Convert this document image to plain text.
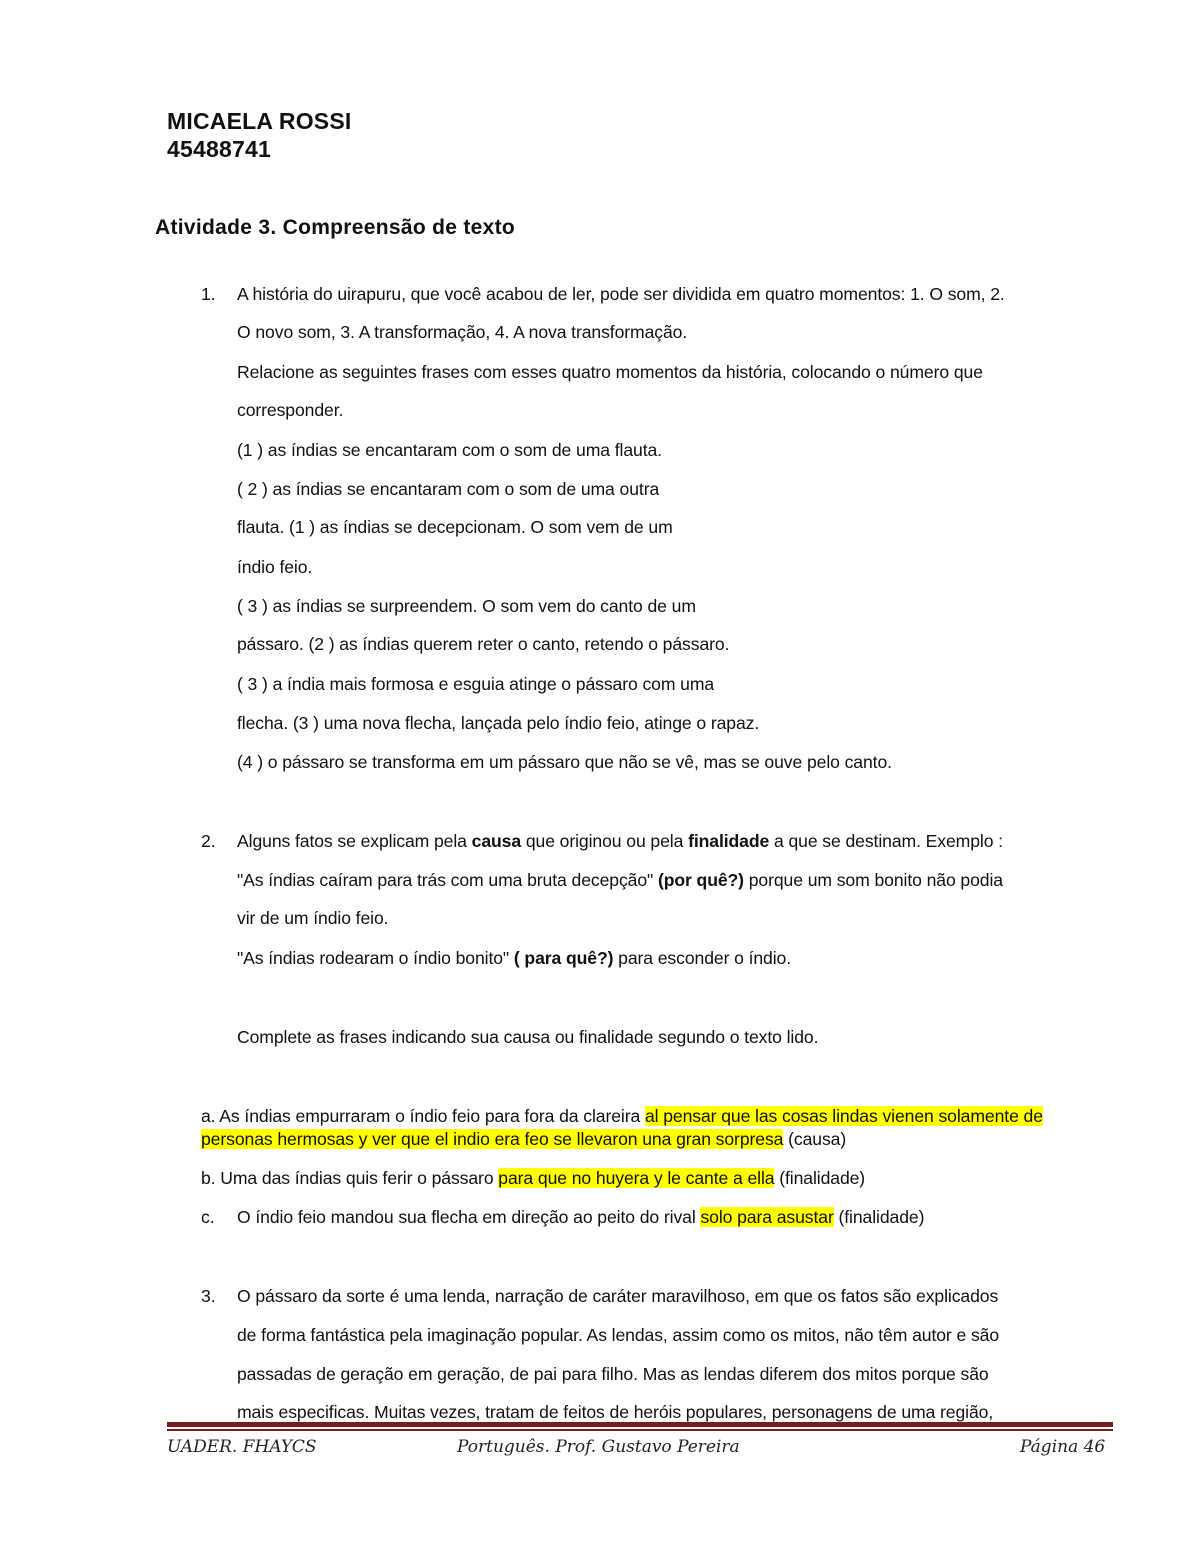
MICAELA ROSSI
45488741
Atividade 3. Compreensão de texto
1. A história do uirapuru, que você acabou de ler, pode ser dividida em quatro momentos: 1. O som, 2.
O novo som, 3. A transformação, 4. A nova transformação.
Relacione as seguintes frases com esses quatro momentos da história, colocando o número que
corresponder.
(1 ) as índias se encantaram com o som de uma flauta.
( 2 ) as índias se encantaram com o som de uma outra
flauta. (1 ) as índias se decepcionam. O som vem de um
índio feio.
( 3 ) as índias se surpreendem. O som vem do canto de um
pássaro. (2 ) as índias querem reter o canto, retendo o pássaro.
( 3 ) a índia mais formosa e esguia atinge o pássaro com uma
flecha. (3 ) uma nova flecha, lançada pelo índio feio, atinge o rapaz.
(4 ) o pássaro se transforma em um pássaro que não se vê, mas se ouve pelo canto.
2. Alguns fatos se explicam pela causa que originou ou pela finalidade a que se destinam. Exemplo :
"As índias caíram para trás com uma bruta decepção" (por quê?) porque um som bonito não podia
vir de um índio feio.
"As índias rodearam o índio bonito" ( para quê?) para esconder o índio.
Complete as frases indicando sua causa ou finalidade segundo o texto lido.
a. As índias empurraram o índio feio para fora da clareira al pensar que las cosas lindas vienen solamente de
personas hermosas y ver que el indio era feo se llevaron una gran sorpresa (causa)
b. Uma das índias quis ferir o pássaro para que no huyera y le cante a ella (finalidade)
c. O índio feio mandou sua flecha em direção ao peito do rival solo para asustar (finalidade)
3. O pássaro da sorte é uma lenda, narração de caráter maravilhoso, em que os fatos são explicados
de forma fantástica pela imaginação popular. As lendas, assim como os mitos, não têm autor e são
passadas de geração em geração, de pai para filho. Mas as lendas diferem dos mitos porque são
mais especificas. Muitas vezes, tratam de feitos de heróis populares, personagens de uma região,
UADER. FHAYCS	Português. Prof. Gustavo Pereira	Página 46
